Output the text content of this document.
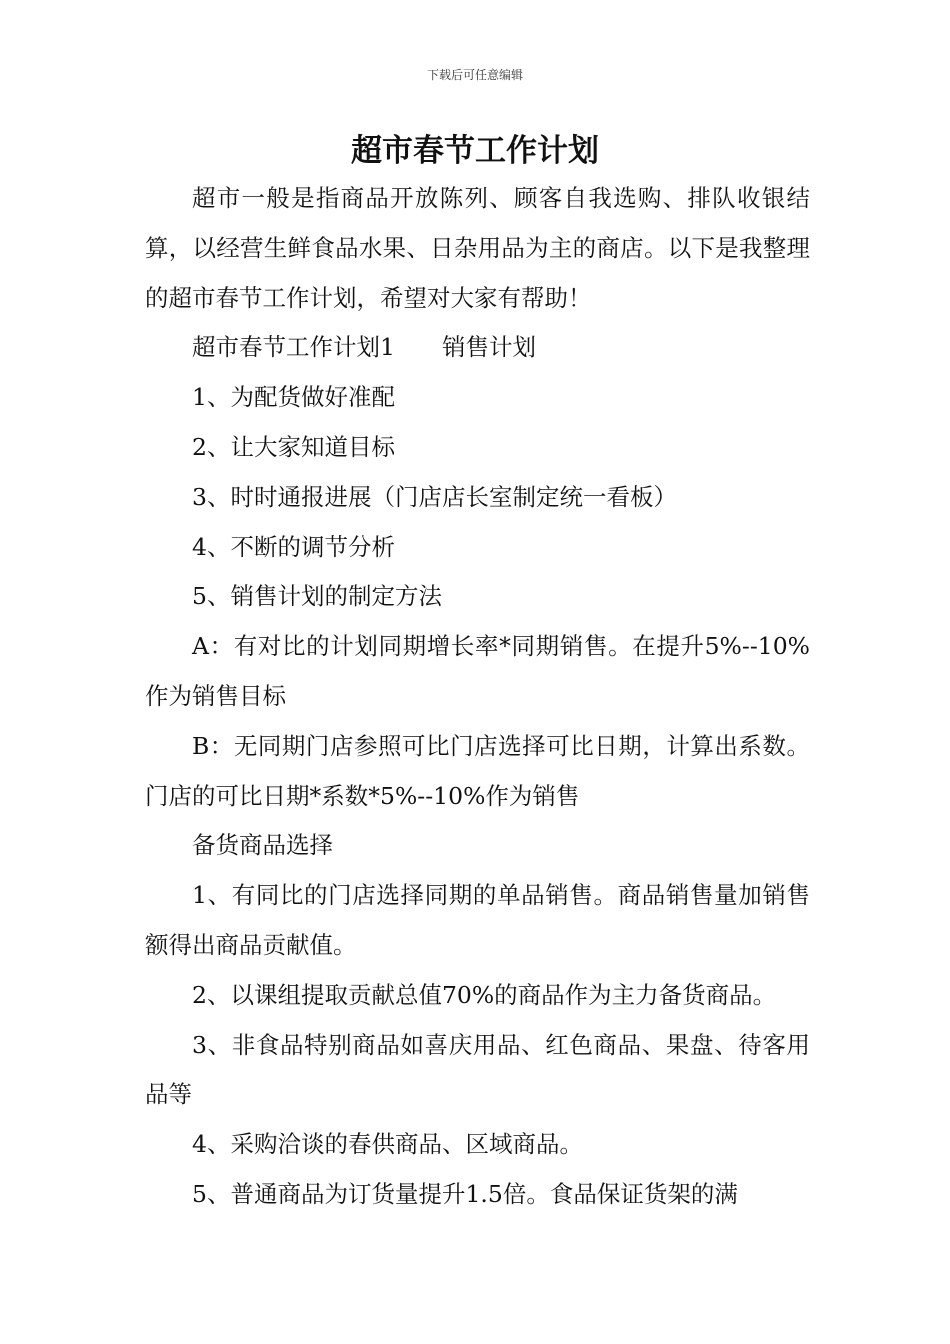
下载后可任意编辑
超市春节工作计划

超市一般是指商品开放陈列、顾客自我选购、排队收银结算，以经营生鲜食品水果、日杂用品为主的商店。以下是我整理的超市春节工作计划，希望对大家有帮助！

超市春节工作计划1　　销售计划

1、为配货做好准配

2、让大家知道目标

3、时时通报进展（门店店长室制定统一看板）

4、不断的调节分析

5、销售计划的制定方法

A：有对比的计划同期增长率*同期销售。在提升5%--10%作为销售目标

B：无同期门店参照可比门店选择可比日期，计算出系数。门店的可比日期*系数*5%--10%作为销售

备货商品选择

1、有同比的门店选择同期的单品销售。商品销售量加销售额得出商品贡献值。

2、以课组提取贡献总值70%的商品作为主力备货商品。

3、非食品特别商品如喜庆用品、红色商品、果盘、待客用品等

4、采购洽谈的春供商品、区域商品。

5、普通商品为订货量提升1.5倍。食品保证货架的满
